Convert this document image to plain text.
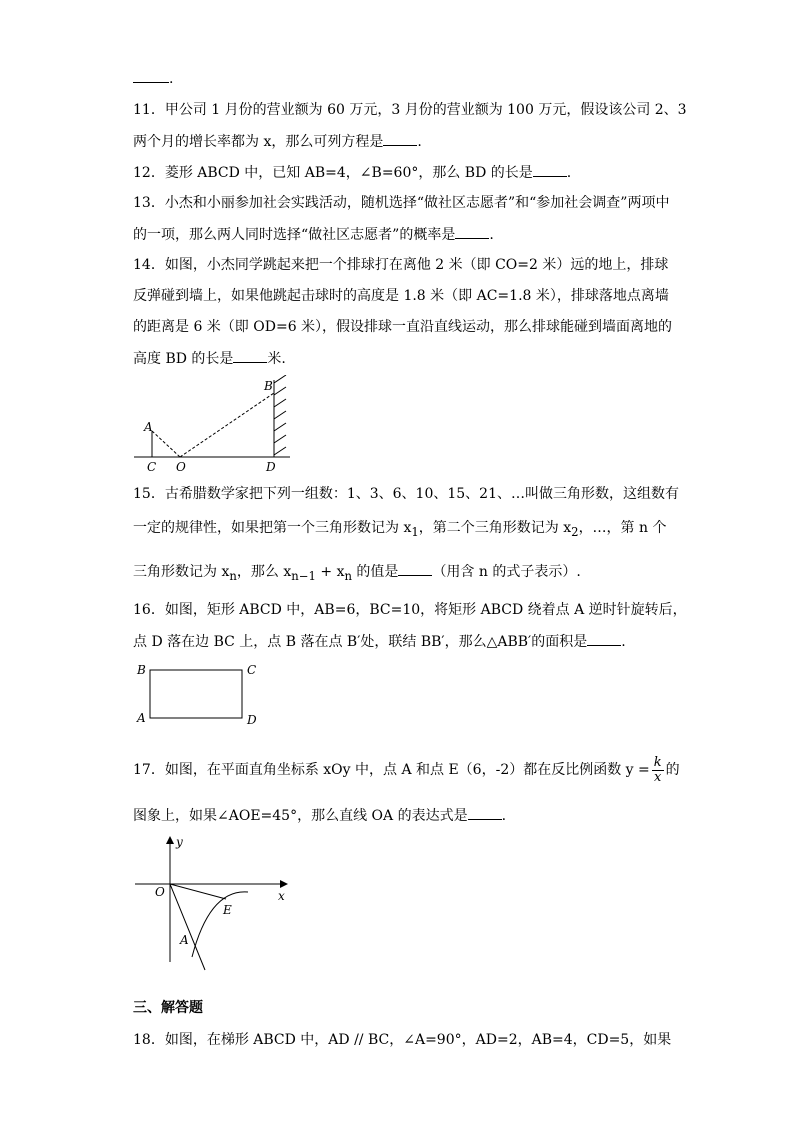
.
11．甲公司 1 月份的营业额为 60 万元，3 月份的营业额为 100 万元，假设该公司 2、3
两个月的增长率都为 x，那么可列方程是 .
12．菱形 ABCD 中，已知 AB=4，∠B=60°，那么 BD 的长是 .
13．小杰和小丽参加社会实践活动，随机选择“做社区志愿者”和“参加社会调查”两项中
的一项，那么两人同时选择“做社区志愿者”的概率是 .
14．如图，小杰同学跳起来把一个排球打在离他 2 米（即 CO=2 米）远的地上，排球
反弹碰到墙上，如果他跳起击球时的高度是 1.8 米（即 AC=1.8 米），排球落地点离墙
的距离是 6 米（即 OD=6 米），假设排球一直沿直线运动，那么排球能碰到墙面离地的
高度 BD 的长是 米.
A
B
C O	D
15．古希腊数学家把下列一组数：1、3、6、10、15、21、…叫做三角形数，这组数有
一定的规律性，如果把第一个三角形数记为 $x_1$，第二个三角形数记为 $x_2$，…，第 n 个
三角形数记为 $x_n$，那么 $x_{n-1} + x_n$ 的值是 （用含 n 的式子表示）.
16．如图，矩形 ABCD 中，AB=6，BC=10，将矩形 ABCD 绕着点 A 逆时针旋转后，
点 D 落在边 BC 上，点 B 落在点 B′处，联结 BB′，那么△ABB′的面积是 .
B	C
A	D
17．如图，在平面直角坐标系 xOy 中，点 A 和点 E（6，-2）都在反比例函数 $y = \frac{k}{x}$ 的
图象上，如果∠AOE=45°，那么直线 OA 的表达式是 .
y
x
O
E
A
三、解答题
18．如图，在梯形 ABCD 中，AD // BC，∠A=90°，AD=2，AB=4，CD=5，如果
